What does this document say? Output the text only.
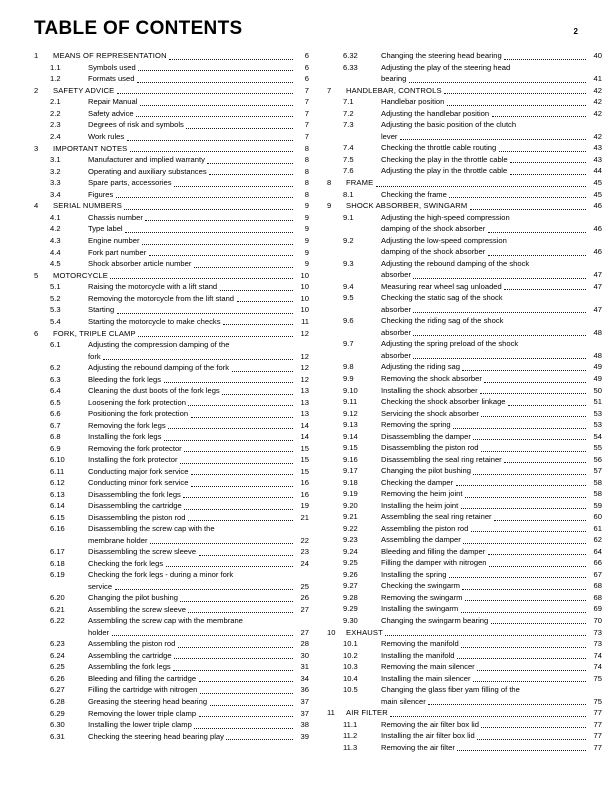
TABLE OF CONTENTS	2
1	MEANS OF REPRESENTATION	6
1.1	Symbols used	6
1.2	Formats used	6
2	SAFETY ADVICE	7
2.1	Repair Manual	7
2.2	Safety advice	7
2.3	Degrees of risk and symbols	7
2.4	Work rules	7
3	IMPORTANT NOTES	8
3.1	Manufacturer and implied warranty	8
3.2	Operating and auxiliary substances	8
3.3	Spare parts, accessories	8
3.4	Figures	8
4	SERIAL NUMBERS	9
4.1	Chassis number	9
4.2	Type label	9
4.3	Engine number	9
4.4	Fork part number	9
4.5	Shock absorber article number	9
5	MOTORCYCLE	10
5.1	Raising the motorcycle with a lift stand	10
5.2	Removing the motorcycle from the lift stand	10
5.3	Starting	10
5.4	Starting the motorcycle to make checks	11
6	FORK, TRIPLE CLAMP	12
6.1	Adjusting the compression damping of the
fork	12
6.2	Adjusting the rebound damping of the fork	12
6.3	Bleeding the fork legs	12
6.4	Cleaning the dust boots of the fork legs	13
6.5	Loosening the fork protection	13
6.6	Positioning the fork protection	13
6.7	Removing the fork legs	14
6.8	Installing the fork legs	14
6.9	Removing the fork protector	15
6.10	Installing the fork protector	15
6.11	Conducting major fork service	15
6.12	Conducting minor fork service	16
6.13	Disassembling the fork legs	16
6.14	Disassembling the cartridge	19
6.15	Disassembling the piston rod	21
6.16	Disassembling the screw cap with the
membrane holder	22
6.17	Disassembling the screw sleeve	23
6.18	Checking the fork legs	24
6.19	Checking the fork legs - during a minor fork
service	25
6.20	Changing the pilot bushing	26
6.21	Assembling the screw sleeve	27
6.22	Assembling the screw cap with the membrane
holder	27
6.23	Assembling the piston rod	28
6.24	Assembling the cartridge	30
6.25	Assembling the fork legs	31
6.26	Bleeding and filling the cartridge	34
6.27	Filling the cartridge with nitrogen	36
6.28	Greasing the steering head bearing	37
6.29	Removing the lower triple clamp	37
6.30	Installing the lower triple clamp	38
6.31	Checking the steering head bearing play	39
6.32	Changing the steering head bearing	40
6.33	Adjusting the play of the steering head
bearing	41
7	HANDLEBAR, CONTROLS	42
7.1	Handlebar position	42
7.2	Adjusting the handlebar position	42
7.3	Adjusting the basic position of the clutch
lever	42
7.4	Checking the throttle cable routing	43
7.5	Checking the play in the throttle cable	43
7.6	Adjusting the play in the throttle cable	44
8	FRAME	45
8.1	Checking the frame	45
9	SHOCK ABSORBER, SWINGARM	46
9.1	Adjusting the high-speed compression
damping of the shock absorber	46
9.2	Adjusting the low-speed compression
damping of the shock absorber	46
9.3	Adjusting the rebound damping of the shock
absorber	47
9.4	Measuring rear wheel sag unloaded	47
9.5	Checking the static sag of the shock
absorber	47
9.6	Checking the riding sag of the shock
absorber	48
9.7	Adjusting the spring preload of the shock
absorber	48
9.8	Adjusting the riding sag	49
9.9	Removing the shock absorber	49
9.10	Installing the shock absorber	50
9.11	Checking the shock absorber linkage	51
9.12	Servicing the shock absorber	53
9.13	Removing the spring	53
9.14	Disassembling the damper	54
9.15	Disassembling the piston rod	55
9.16	Disassembling the seal ring retainer	56
9.17	Changing the pilot bushing	57
9.18	Checking the damper	58
9.19	Removing the heim joint	58
9.20	Installing the heim joint	59
9.21	Assembling the seal ring retainer	60
9.22	Assembling the piston rod	61
9.23	Assembling the damper	62
9.24	Bleeding and filling the damper	64
9.25	Filling the damper with nitrogen	66
9.26	Installing the spring	67
9.27	Checking the swingarm	68
9.28	Removing the swingarm	68
9.29	Installing the swingarm	69
9.30	Changing the swingarm bearing	70
10	EXHAUST	73
10.1	Removing the manifold	73
10.2	Installing the manifold	74
10.3	Removing the main silencer	74
10.4	Installing the main silencer	75
10.5	Changing the glass fiber yam filling of the
main silencer	75
11	AIR FILTER	77
11.1	Removing the air filter box lid	77
11.2	Installing the air filter box lid	77
11.3	Removing the air filter	77
